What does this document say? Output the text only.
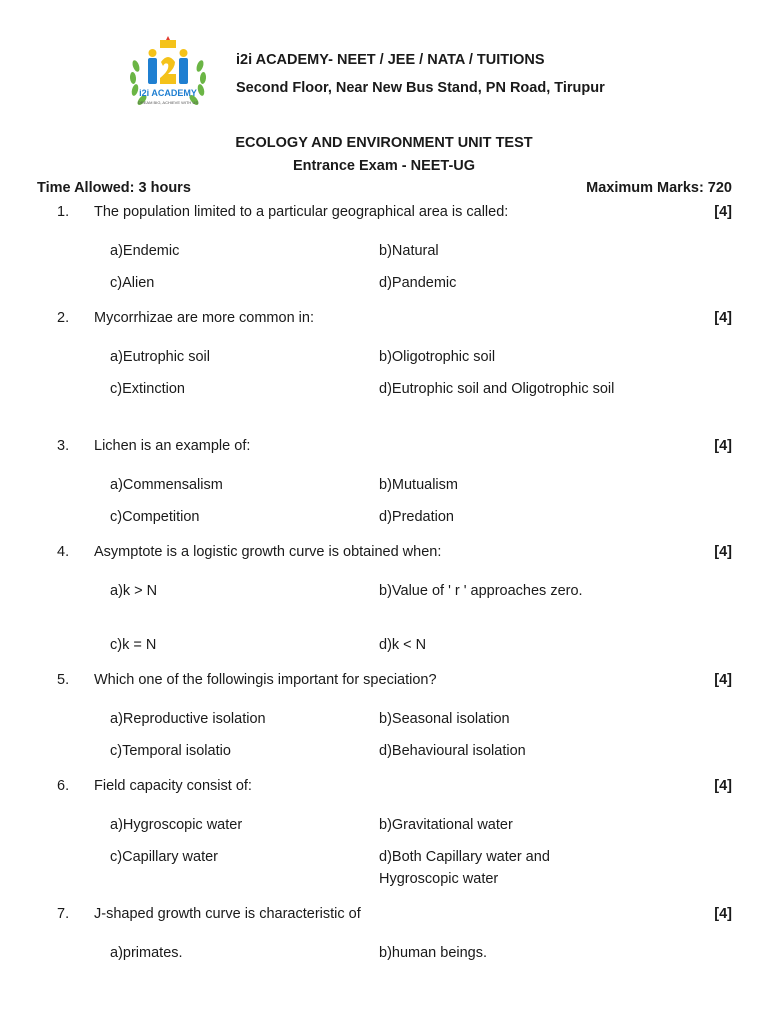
i2i ACADEMY
DREAM BIG, ACHIEVE WITH US
i2i ACADEMY- NEET / JEE / NATA / TUITIONS
Second Floor, Near New Bus Stand, PN Road, Tirupur
ECOLOGY AND ENVIRONMENT UNIT TEST
Entrance Exam - NEET-UG
Time Allowed: 3 hours	Maximum Marks: 720
1. The population limited to a particular geographical area is called:	[4]
a)Endemic	b)Natural
c)Alien	d)Pandemic
2. Mycorrhizae are more common in:	[4]
a)Eutrophic soil	b)Oligotrophic soil
c)Extinction	d)Eutrophic soil and Oligotrophic soil
3. Lichen is an example of:	[4]
a)Commensalism	b)Mutualism
c)Competition	d)Predation
4. Asymptote is a logistic growth curve is obtained when:	[4]
a)k > N	b)Value of ' r ' approaches zero.
c)k = N	d)k < N
5. Which one of the followingis important for speciation?	[4]
a)Reproductive isolation	b)Seasonal isolation
c)Temporal isolatio	d)Behavioural isolation
6. Field capacity consist of:	[4]
a)Hygroscopic water	b)Gravitational water
c)Capillary water	d)Both Capillary water and Hygroscopic water
7. J-shaped growth curve is characteristic of	[4]
a)primates.	b)human beings.
